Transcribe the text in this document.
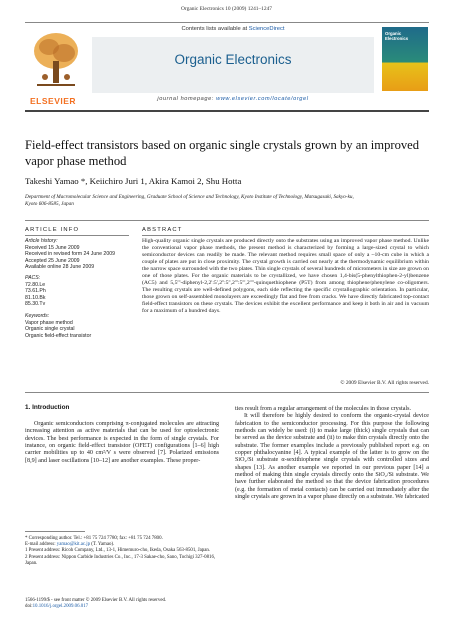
Organic Electronics 10 (2009) 1241–1247
ELSEVIER
Contents lists available at ScienceDirect
Organic Electronics
journal homepage: www.elsevier.com/locate/orgel
Organic Electronics
Field-effect transistors based on organic single crystals grown by an improved vapor phase method
Takeshi Yamao *, Keiichiro Juri 1, Akira Kamoi 2, Shu Hotta
Department of Macromolecular Science and Engineering, Graduate School of Science and Technology, Kyoto Institute of Technology, Matsugasaki, Sakyo-ku, Kyoto 606-8585, Japan
ARTICLE INFO
Article history:
Received 15 June 2009
Received in revised form 24 June 2009
Accepted 25 June 2009
Available online 28 June 2009
PACS:
72.80.Le
73.61.Ph
81.10.Bk
85.30.Tv
Keywords:
Vapor phase method
Organic single crystal
Organic field-effect transistor
ABSTRACT
High-quality organic single crystals are produced directly onto the substrates using an improved vapor phase method. Unlike the conventional vapor phase methods, the present method is characterized by forming a large-sized crystal to which semiconductor devices can readily be made. The relevant method requires small space of only a ~10-cm cube in which a couple of plates are put in close proximity. The crystal growth is carried out nearly at the thermodynamic equilibrium within the narrow space surrounded with the two plates. Thin single crystals of several hundreds of micrometers in size are grown on one of those plates. For the organic materials to be crystallized, we have chosen 1,4-bis(5-phenylthiophen-2-yl)benzene (AC5) and 5,5'''-diphenyl-2,2':5',2'':5'',2''':5''',2''''-quinquethiophene (P5T) from among thiophene/phenylene co-oligomers. The resulting crystals are well-defined polygons, each side reflecting the specific crystallographic orientation. In particular, those grown on self-assembled monolayers are exceedingly flat and free from cracks. We have directly fabricated top-contact field-effect transistors on these crystals. The devices exhibit the excellent performance and keep it both in air and in vacuum for a maximum of a hundred days.
© 2009 Elsevier B.V. All rights reserved.
1. Introduction
Organic semiconductors comprising π-conjugated molecules are attracting increasing attention as active materials that can be used for optoelectronic devices. The best performance is expected in the form of single crystals. For instance, on organic field-effect transistor (OFET) configurations [1–6] high carrier mobilities up to 40 cm²/V s were observed [7]. Polarized emissions [8,9] and laser oscillations [10–12] are another examples. These proper-
ties result from a regular arrangement of the molecules in those crystals.
It will therefore be highly desired to conform the organic-crystal device fabrication to the semiconductor processing. For this purpose the following methods can widely be used: (i) to make large (thick) single crystals that can be served as the device substrate and (ii) to make thin crystals directly onto the substrate. The former examples include a previously published report e.g. on copper phthalocyanine [4]. A typical example of the latter is to grow on the SiO₂/Si substrate α-sexithiophene single crystals with controlled sizes and shapes [13]. As another example we reported in our previous paper [14] a method of making thin single crystals directly onto the SiO₂/Si substrate. We have further elaborated the method so that the device fabrication procedures (e.g. the formation of metal contacts) can be carried out immediately after the single crystals are grown in a vapor phase directly on a substrate. We fabricated
* Corresponding author. Tel.: +81 75 724 7780; fax: +81 75 724 7800.
E-mail address: yamao@kit.ac.jp (T. Yamao).
1 Present address: Ricoh Company, Ltd., 13-1, Himemuro-cho, Ikeda, Osaka 563-8501, Japan.
2 Present address: Nippon Carbide Industries Co., Inc., 17-3 Sakae-cho, Sano, Tochigi 327-0816, Japan.
1566-1199/$ - see front matter © 2009 Elsevier B.V. All rights reserved.
doi:10.1016/j.orgel.2009.06.017
